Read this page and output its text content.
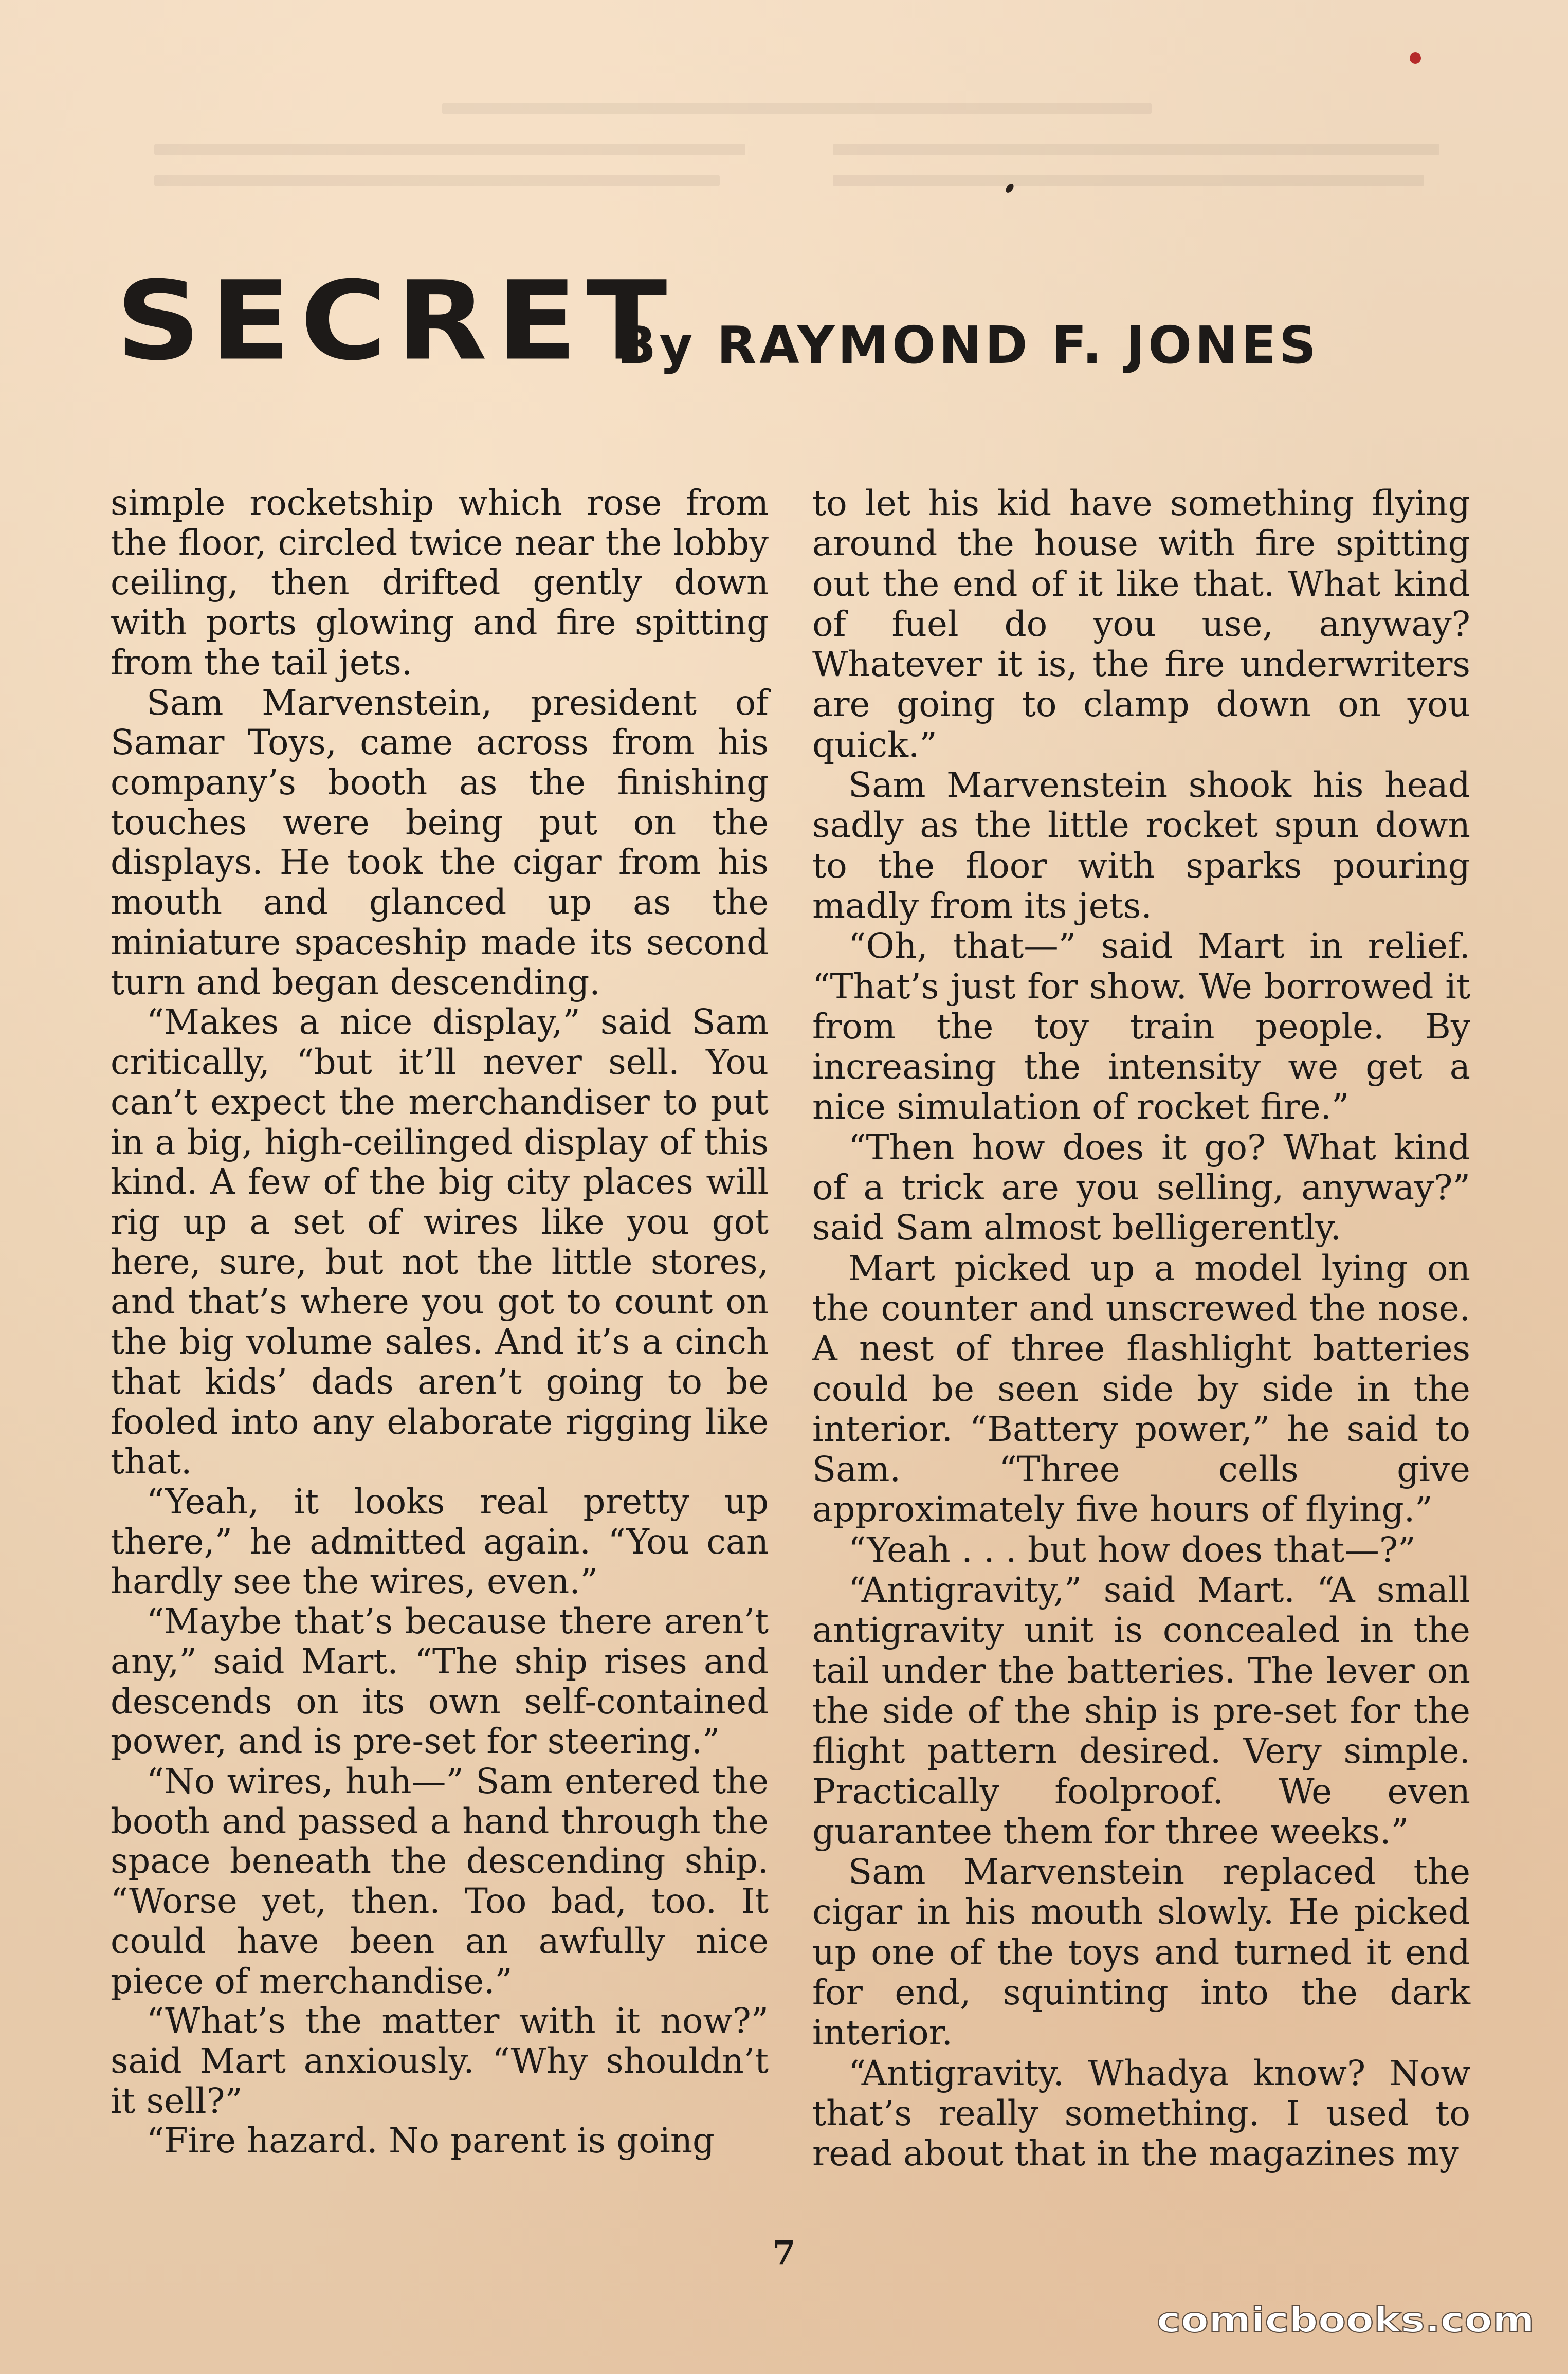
SECRET
By RAYMOND F. JONES

simple rocketship which rose from the floor, circled twice near the lobby ceiling, then drifted gently down with ports glowing and fire spitting from the tail jets.

Sam Marvenstein, president of Samar Toys, came across from his company’s booth as the finishing touches were being put on the displays. He took the cigar from his mouth and glanced up as the miniature spaceship made its second turn and began descending.

“Makes a nice display,” said Sam critically, “but it’ll never sell. You can’t expect the merchandiser to put in a big, high-ceilinged display of this kind. A few of the big city places will rig up a set of wires like you got here, sure, but not the little stores, and that’s where you got to count on the big volume sales. And it’s a cinch that kids’ dads aren’t going to be fooled into any elaborate rigging like that.

“Yeah, it looks real pretty up there,” he admitted again. “You can hardly see the wires, even.”

“Maybe that’s because there aren’t any,” said Mart. “The ship rises and descends on its own self-contained power, and is pre-set for steering.”

“No wires, huh—” Sam entered the booth and passed a hand through the space beneath the descending ship. “Worse yet, then. Too bad, too. It could have been an awfully nice piece of merchandise.”

“What’s the matter with it now?” said Mart anxiously. “Why shouldn’t it sell?”

“Fire hazard. No parent is going

to let his kid have something flying around the house with fire spitting out the end of it like that. What kind of fuel do you use, anyway? Whatever it is, the fire underwriters are going to clamp down on you quick.”

Sam Marvenstein shook his head sadly as the little rocket spun down to the floor with sparks pouring madly from its jets.

“Oh, that—” said Mart in relief. “That’s just for show. We borrowed it from the toy train people. By increasing the intensity we get a nice simulation of rocket fire.”

“Then how does it go? What kind of a trick are you selling, anyway?” said Sam almost belligerently.

Mart picked up a model lying on the counter and unscrewed the nose. A nest of three flashlight batteries could be seen side by side in the interior. “Battery power,” he said to Sam. “Three cells give approximately five hours of flying.”

“Yeah . . . but how does that—?”

“Antigravity,” said Mart. “A small antigravity unit is concealed in the tail under the batteries. The lever on the side of the ship is pre-set for the flight pattern desired. Very simple. Practically foolproof. We even guarantee them for three weeks.”

Sam Marvenstein replaced the cigar in his mouth slowly. He picked up one of the toys and turned it end for end, squinting into the dark interior.

“Antigravity. Whadya know? Now that’s really something. I used to read about that in the magazines my

7
comicbooks.com
